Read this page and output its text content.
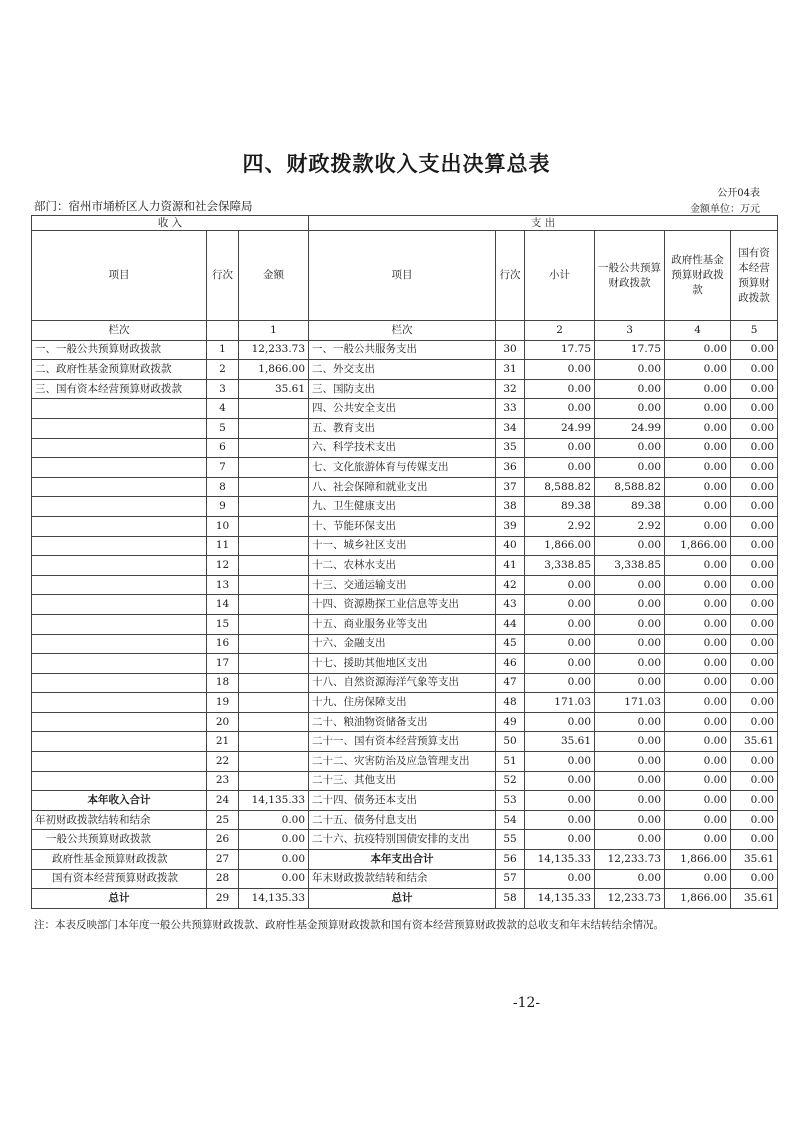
四、财政拨款收入支出决算总表
公开04表
部门：宿州市埇桥区人力资源和社会保障局	金额单位：万元
收 入			支 出					
项目	行次	金额	项目	行次	小计	一般公共预算财政拨款	政府性基金预算财政拨款	国有资本经营预算财政拨款
栏次		1	栏次		2	3	4	5
一、一般公共预算财政拨款	1	12,233.73	一、一般公共服务支出	30	17.75	17.75	0.00	0.00
二、政府性基金预算财政拨款	2	1,866.00	二、外交支出	31	0.00	0.00	0.00	0.00
三、国有资本经营预算财政拨款	3	35.61	三、国防支出	32	0.00	0.00	0.00	0.00
	4		四、公共安全支出	33	0.00	0.00	0.00	0.00
	5		五、教育支出	34	24.99	24.99	0.00	0.00
	6		六、科学技术支出	35	0.00	0.00	0.00	0.00
	7		七、文化旅游体育与传媒支出	36	0.00	0.00	0.00	0.00
	8		八、社会保障和就业支出	37	8,588.82	8,588.82	0.00	0.00
	9		九、卫生健康支出	38	89.38	89.38	0.00	0.00
	10		十、节能环保支出	39	2.92	2.92	0.00	0.00
	11		十一、城乡社区支出	40	1,866.00	0.00	1,866.00	0.00
	12		十二、农林水支出	41	3,338.85	3,338.85	0.00	0.00
	13		十三、交通运输支出	42	0.00	0.00	0.00	0.00
	14		十四、资源勘探工业信息等支出	43	0.00	0.00	0.00	0.00
	15		十五、商业服务业等支出	44	0.00	0.00	0.00	0.00
	16		十六、金融支出	45	0.00	0.00	0.00	0.00
	17		十七、援助其他地区支出	46	0.00	0.00	0.00	0.00
	18		十八、自然资源海洋气象等支出	47	0.00	0.00	0.00	0.00
	19		十九、住房保障支出	48	171.03	171.03	0.00	0.00
	20		二十、粮油物资储备支出	49	0.00	0.00	0.00	0.00
	21		二十一、国有资本经营预算支出	50	35.61	0.00	0.00	35.61
	22		二十二、灾害防治及应急管理支出	51	0.00	0.00	0.00	0.00
	23		二十三、其他支出	52	0.00	0.00	0.00	0.00
本年收入合计	24	14,135.33	二十四、债务还本支出	53	0.00	0.00	0.00	0.00
年初财政拨款结转和结余	25	0.00	二十五、债务付息支出	54	0.00	0.00	0.00	0.00
一般公共预算财政拨款	26	0.00	二十六、抗疫特别国债安排的支出	55	0.00	0.00	0.00	0.00
政府性基金预算财政拨款	27	0.00	本年支出合计	56	14,135.33	12,233.73	1,866.00	35.61
国有资本经营预算财政拨款	28	0.00	年末财政拨款结转和结余	57	0.00	0.00	0.00	0.00
总计	29	14,135.33	总计	58	14,135.33	12,233.73	1,866.00	35.61
注：本表反映部门本年度一般公共预算财政拨款、政府性基金预算财政拨款和国有资本经营预算财政拨款的总收支和年末结转结余情况。
-12-
